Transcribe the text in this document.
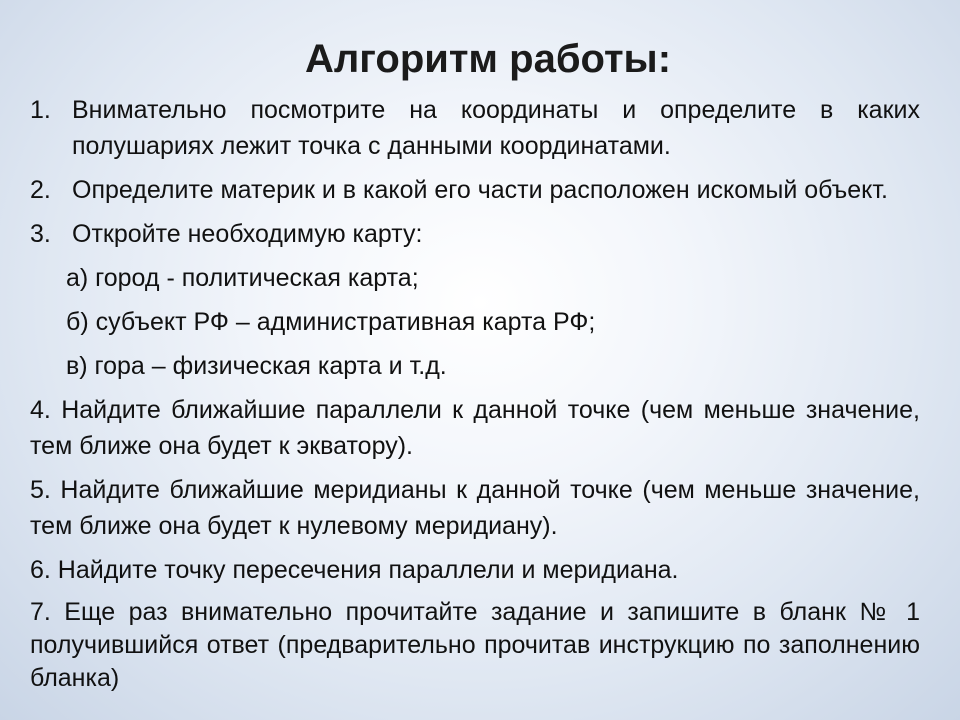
Алгоритм работы:
1. Внимательно посмотрите на координаты и определите в каких полушариях лежит точка с данными координатами.
2. Определите материк и в какой его части расположен искомый объект.
3. Откройте необходимую карту:
а) город - политическая карта;
б) субъект РФ – административная карта РФ;
в) гора – физическая карта и т.д.
4. Найдите ближайшие параллели к данной точке (чем меньше значение, тем ближе она будет к экватору).
5. Найдите ближайшие меридианы к данной точке (чем меньше значение, тем ближе она будет к нулевому меридиану).
6. Найдите точку пересечения параллели и меридиана.
7. Еще раз внимательно прочитайте задание и запишите в бланк № 1 получившийся ответ (предварительно прочитав инструкцию по заполнению бланка)
